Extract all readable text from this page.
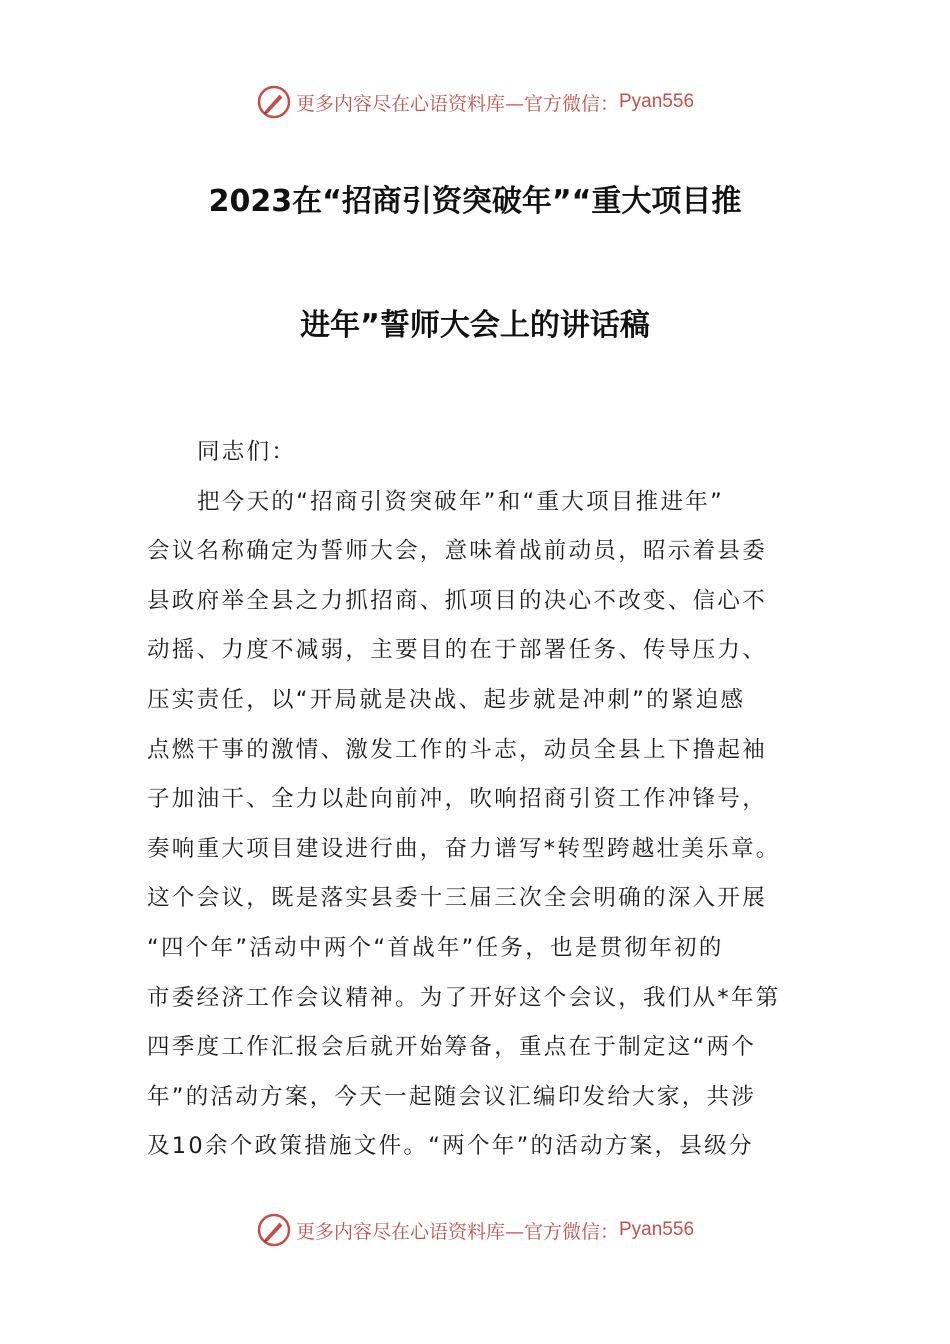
更多内容尽在心语资料库—官方微信： Pyan556
2023在“招商引资突破年”“重大项目推
进年”誓师大会上的讲话稿

同志们：

把今天的“招商引资突破年”和“重大项目推进年”
会议名称确定为誓师大会，意味着战前动员，昭示着县委
县政府举全县之力抓招商、抓项目的决心不改变、信心不
动摇、力度不减弱，主要目的在于部署任务、传导压力、
压实责任，以“开局就是决战、起步就是冲刺”的紧迫感
点燃干事的激情、激发工作的斗志，动员全县上下撸起袖
子加油干、全力以赴向前冲，吹响招商引资工作冲锋号，
奏响重大项目建设进行曲，奋力谱写*转型跨越壮美乐章。
这个会议，既是落实县委十三届三次全会明确的深入开展
“四个年”活动中两个“首战年”任务，也是贯彻年初的
市委经济工作会议精神。为了开好这个会议，我们从*年第
四季度工作汇报会后就开始筹备，重点在于制定这“两个
年”的活动方案，今天一起随会议汇编印发给大家，共涉
及10余个政策措施文件。“两个年”的活动方案，县级分

更多内容尽在心语资料库—官方微信： Pyan556
